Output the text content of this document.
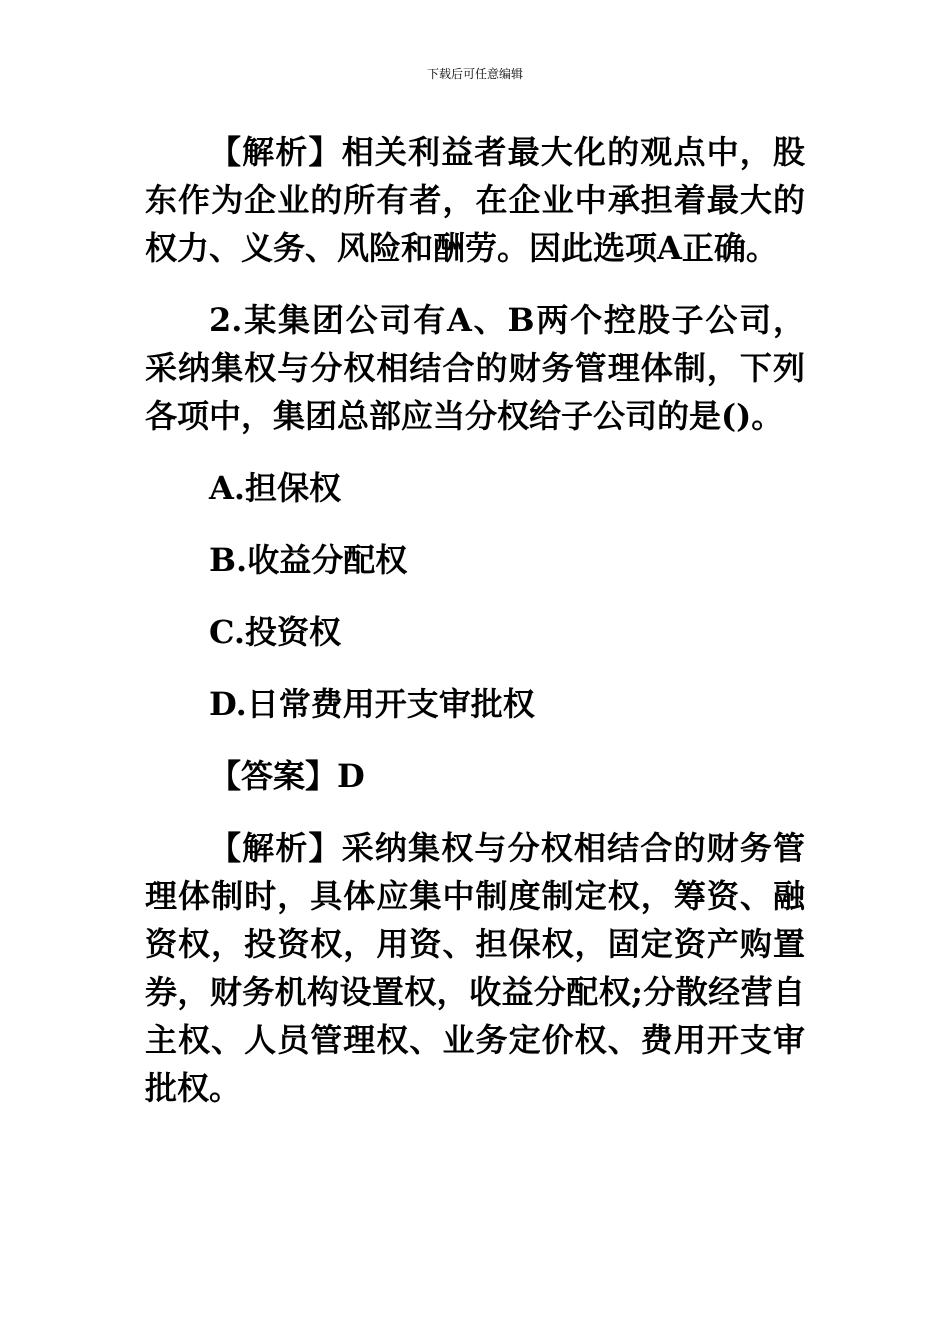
下载后可任意编辑

【解析】相关利益者最大化的观点中，股东作为企业的所有者，在企业中承担着最大的权力、义务、风险和酬劳。因此选项A正确。

2.某集团公司有A、B两个控股子公司，采纳集权与分权相结合的财务管理体制，下列各项中，集团总部应当分权给子公司的是()。

A.担保权

B.收益分配权

C.投资权

D.日常费用开支审批权

【答案】D

【解析】采纳集权与分权相结合的财务管理体制时，具体应集中制度制定权，筹资、融资权，投资权，用资、担保权，固定资产购置券，财务机构设置权，收益分配权;分散经营自主权、人员管理权、业务定价权、费用开支审批权。
